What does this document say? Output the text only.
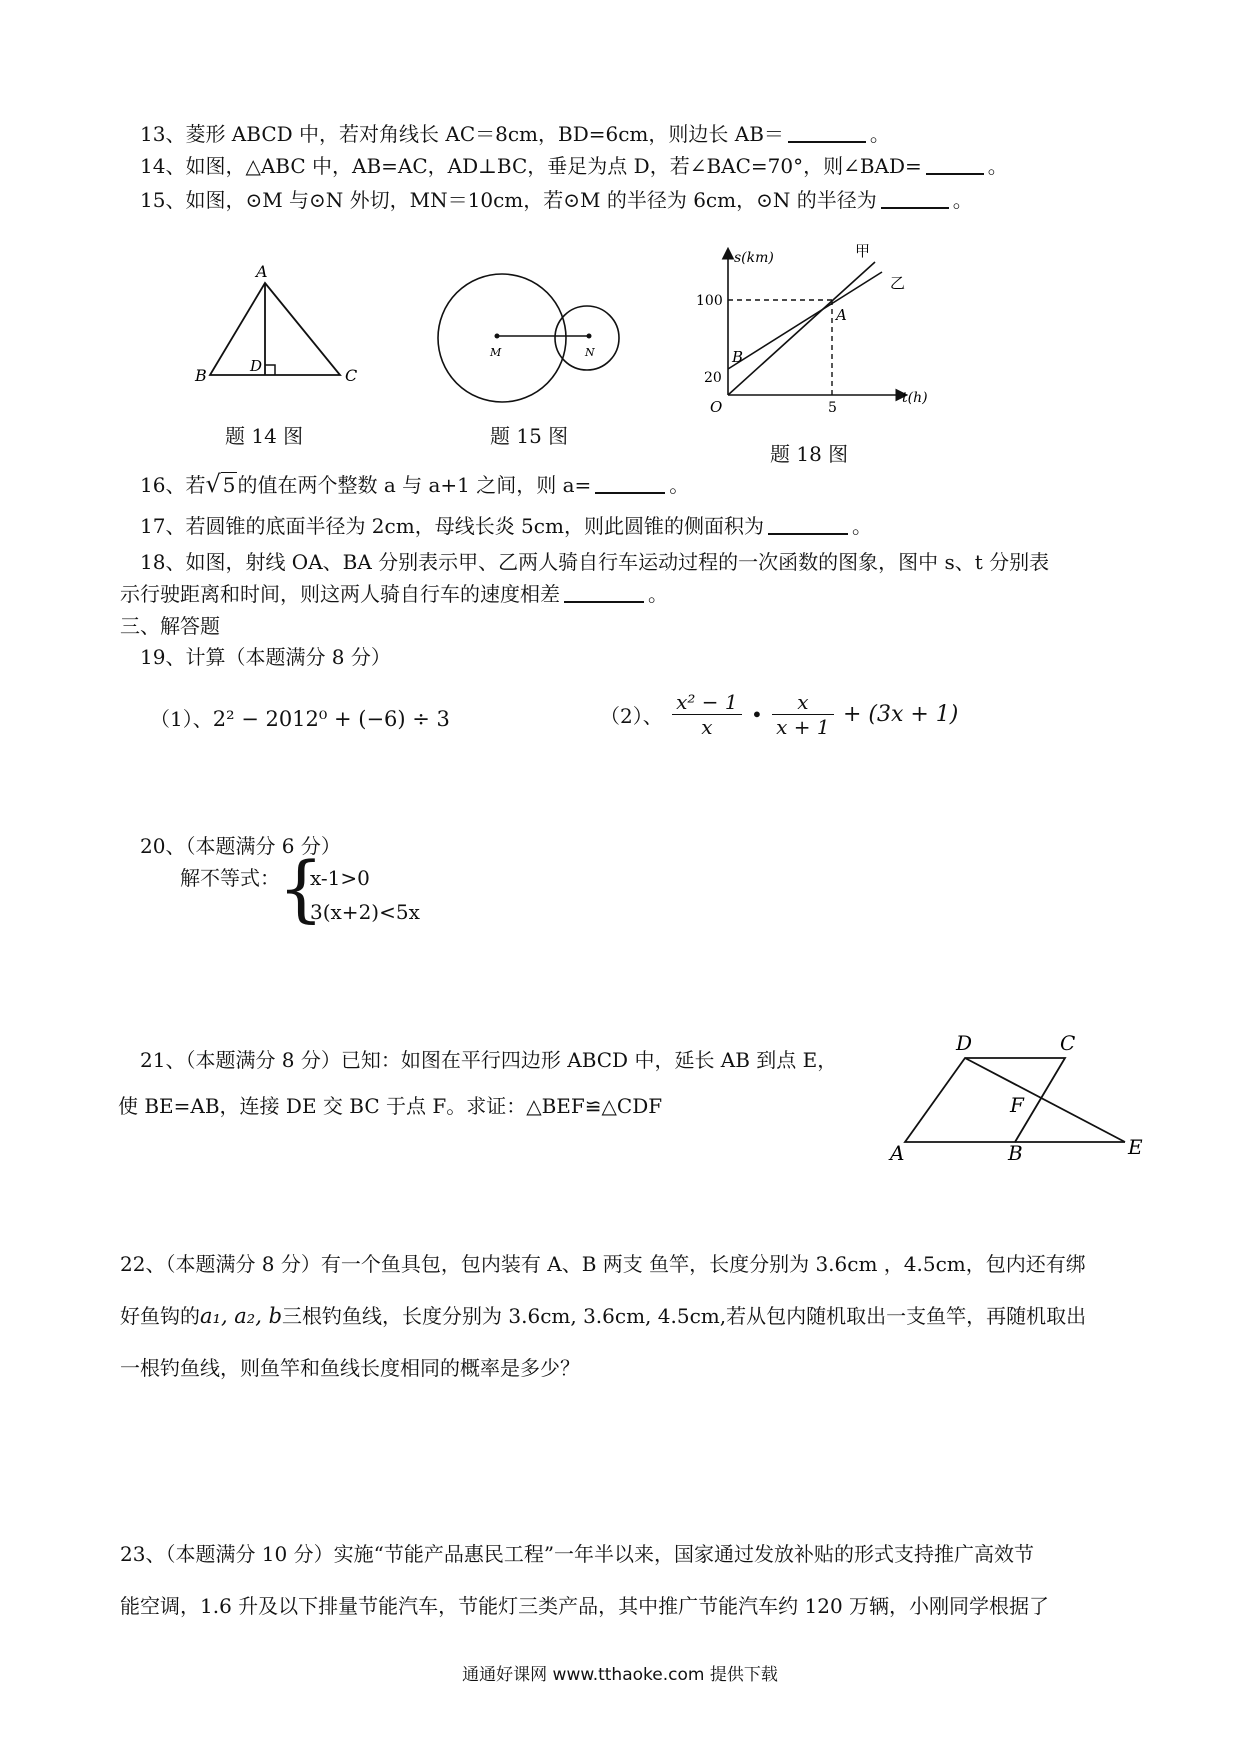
13、菱形 ABCD 中，若对角线长 AC＝8cm，BD=6cm，则边长 AB＝	。
14、如图，△ABC 中，AB=AC，AD⊥BC，垂足为点 D，若∠BAC=70°，则∠BAD=	。
15、如图，⊙M 与⊙N 外切，MN＝10cm，若⊙M 的半径为 6cm，⊙N 的半径为	。
A
B	C
D
题 14 图
M	N
题 15 图
s(km)
t(h)
O
100
20
5
A
B
甲
乙
题 18 图
16、若√ 5 的值在两个整数 a 与 a+1 之间，则 a=	。
17、若圆锥的底面半径为 2cm，母线长炎 5cm，则此圆锥的侧面积为	。
18、如图，射线 OA、BA 分别表示甲、乙两人骑自行车运动过程的一次函数的图象，图中 s、t 分别表
示行驶距离和时间，则这两人骑自行车的速度相差	。
三、解答题
19、计算（本题满分 8 分）
（1）、2² − 2012⁰ + (−6) ÷ 3	（2）、 $\frac{\text{x² − 1}}{x}$ • $\frac{x}{x + 1} + (3x + 1)$
20、（本题满分 6 分）
解不等式：
{
x-1>0
3(x+2)<5x
21、（本题满分 8 分）已知：如图在平行四边形 ABCD 中，延长 AB 到点 E，
使 BE=AB，连接 DE 交 BC 于点 F。求证：△BEF≌△CDF
D	C
F
A	B	E
22、（本题满分 8 分）有一个鱼具包，包内装有 A、B 两支 鱼竿，长度分别为 3.6cm ，4.5cm，包内还有绑
好鱼钩的a₁, a₂, b三根钓鱼线，长度分别为 3.6cm, 3.6cm, 4.5cm,若从包内随机取出一支鱼竿，再随机取出
一根钓鱼线，则鱼竿和鱼线长度相同的概率是多少？
23、（本题满分 10 分）实施“节能产品惠民工程”一年半以来，国家通过发放补贴的形式支持推广高效节
能空调，1.6 升及以下排量节能汽车，节能灯三类产品，其中推广节能汽车约 120 万辆，小刚同学根据了
通通好课网 www.tthaoke.com 提供下载
